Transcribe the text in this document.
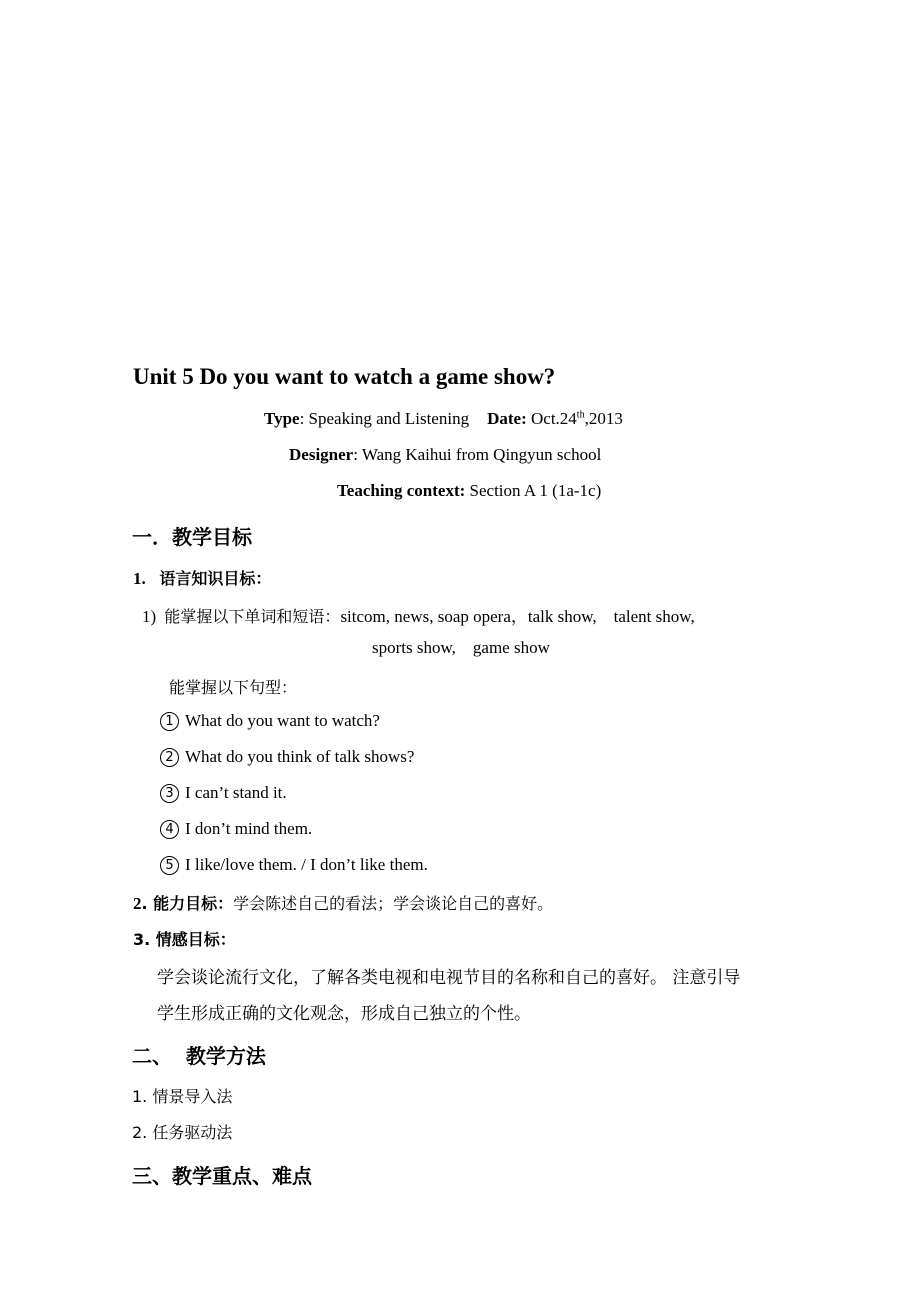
Unit 5 Do you want to watch a game show?
Type: Speaking and Listening Date: Oct.24th,2013
Designer: Wang Kaihui from Qingyun school
Teaching context: Section A 1 (1a-1c)
一．教学目标
1. 语言知识目标：
1) 能掌握以下单词和短语：sitcom, news, soap opera，talk show,    talent show,
sports show,    game show
能掌握以下句型：
1 What do you want to watch?
2 What do you think of talk shows?
3 I can’t stand it.
4 I don’t mind them.
5 I like/love them. / I don’t like them.
2. 能力目标：学会陈述自己的看法；学会谈论自己的喜好。
3. 情感目标：
学会谈论流行文化，了解各类电视和电视节目的名称和自己的喜好。 注意引导
学生形成正确的文化观念，形成自己独立的个性。
二、  教学方法
1. 情景导入法
2. 任务驱动法
三、教学重点、难点
